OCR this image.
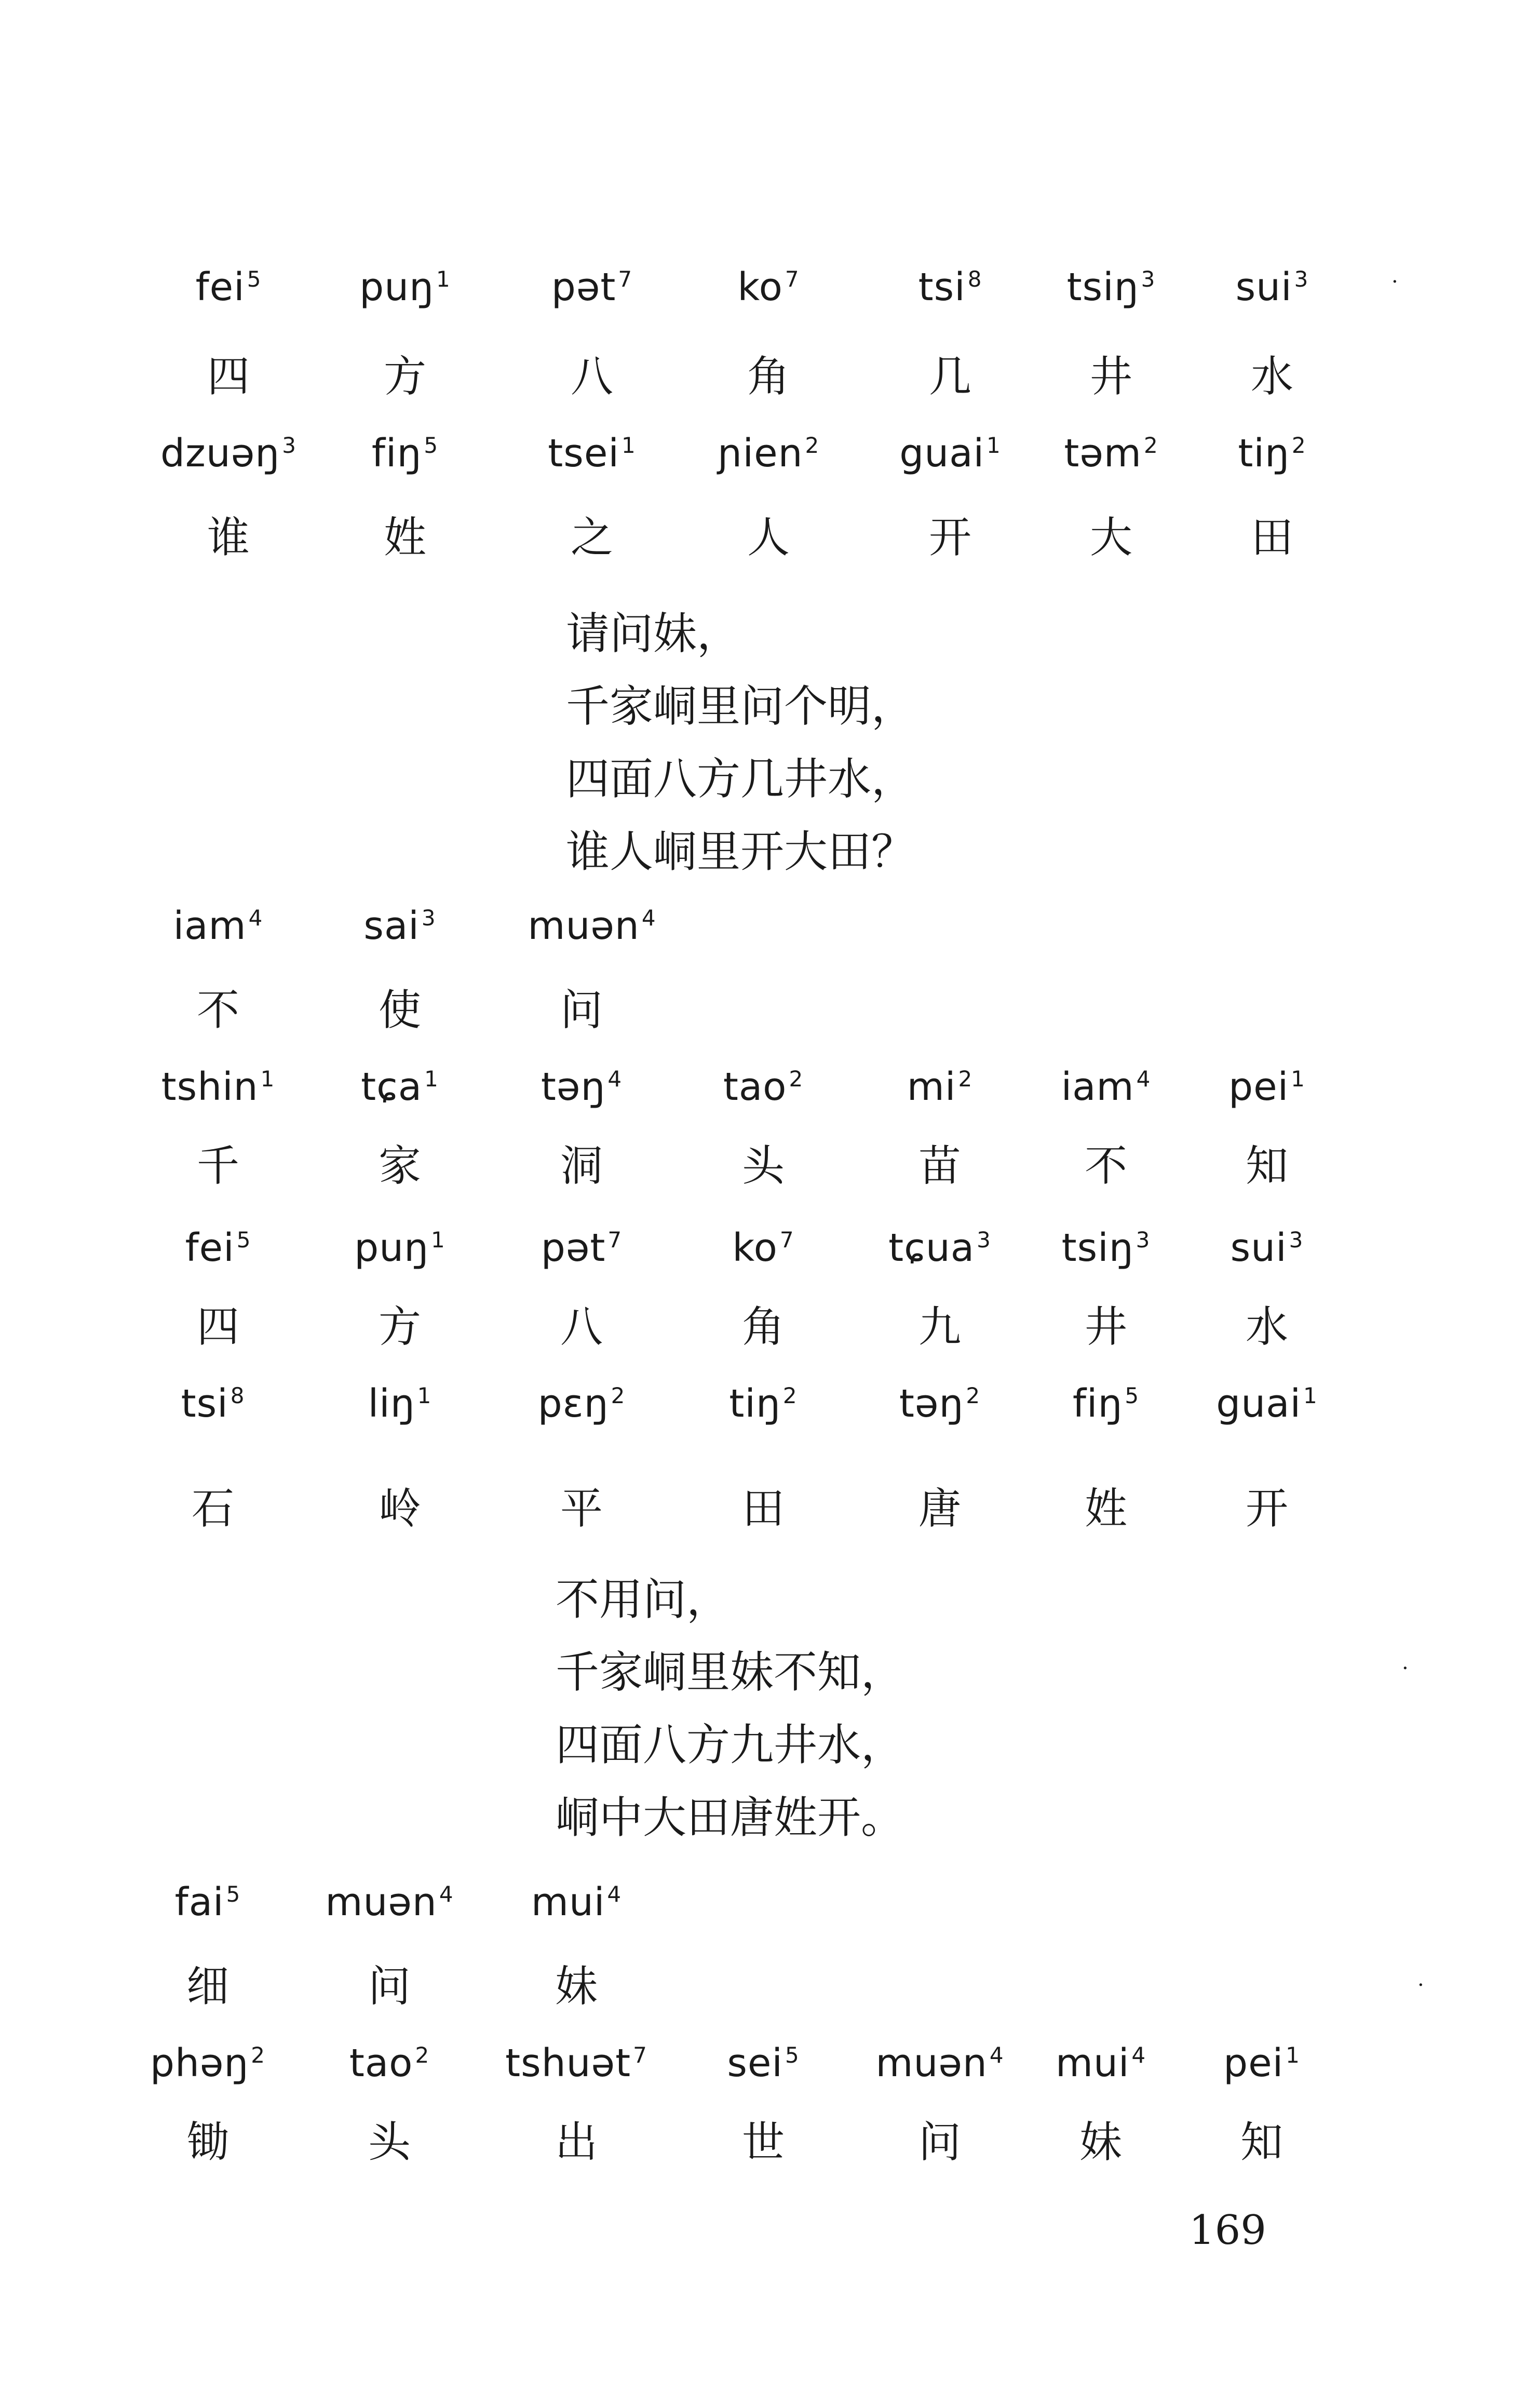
fei$^5$	puŋ$^1$	pət$^7$	$ko^7$	tsi$^8$	tsiŋ$^3$	sui$^3$
四	方	八	角	几	井	水
dzuəŋ$^3$	fiŋ$^5$	tsei$^1$	ɲien$^2$	guai$^1$	təm$^2$	tiŋ$^2$
谁	姓	之	人	开	大	田
请问妹，
千家峒里问个明，
四面八方几井水，
谁人峒里开大田？
iam$^4$	sai$^3$	muən$^4$
不	使	问
tshin$^1$	tɕa$^1$	təŋ$^4$	tao$^2$	$mi^2$	iam$^4$	pei$^1$
千	家	洞	头	苗	不	知
fei$^5$	puŋ$^1$	pət$^7$	$ko^7$	tɕua$^3$	tsiŋ$^3$	sui$^3$
四	方	八	角	九	井	水
tsi$^8$	liŋ$^1$	pɛŋ$^2$	tiŋ$^2$	təŋ$^2$	fiŋ$^5$	guai$^1$
石	岭	平	田	唐	姓	开
不用问，
千家峒里妹不知，
四面八方九井水，
峒中大田唐姓开。
fai$^5$	muən$^4$	mui$^4$
细	问	妹
phəŋ$^2$	tao$^2$	tshuət$^7$	sei$^5$	muən$^4$	mui$^4$	pei$^1$
锄	头	出	世	问	妹	知
169
·
·
·
